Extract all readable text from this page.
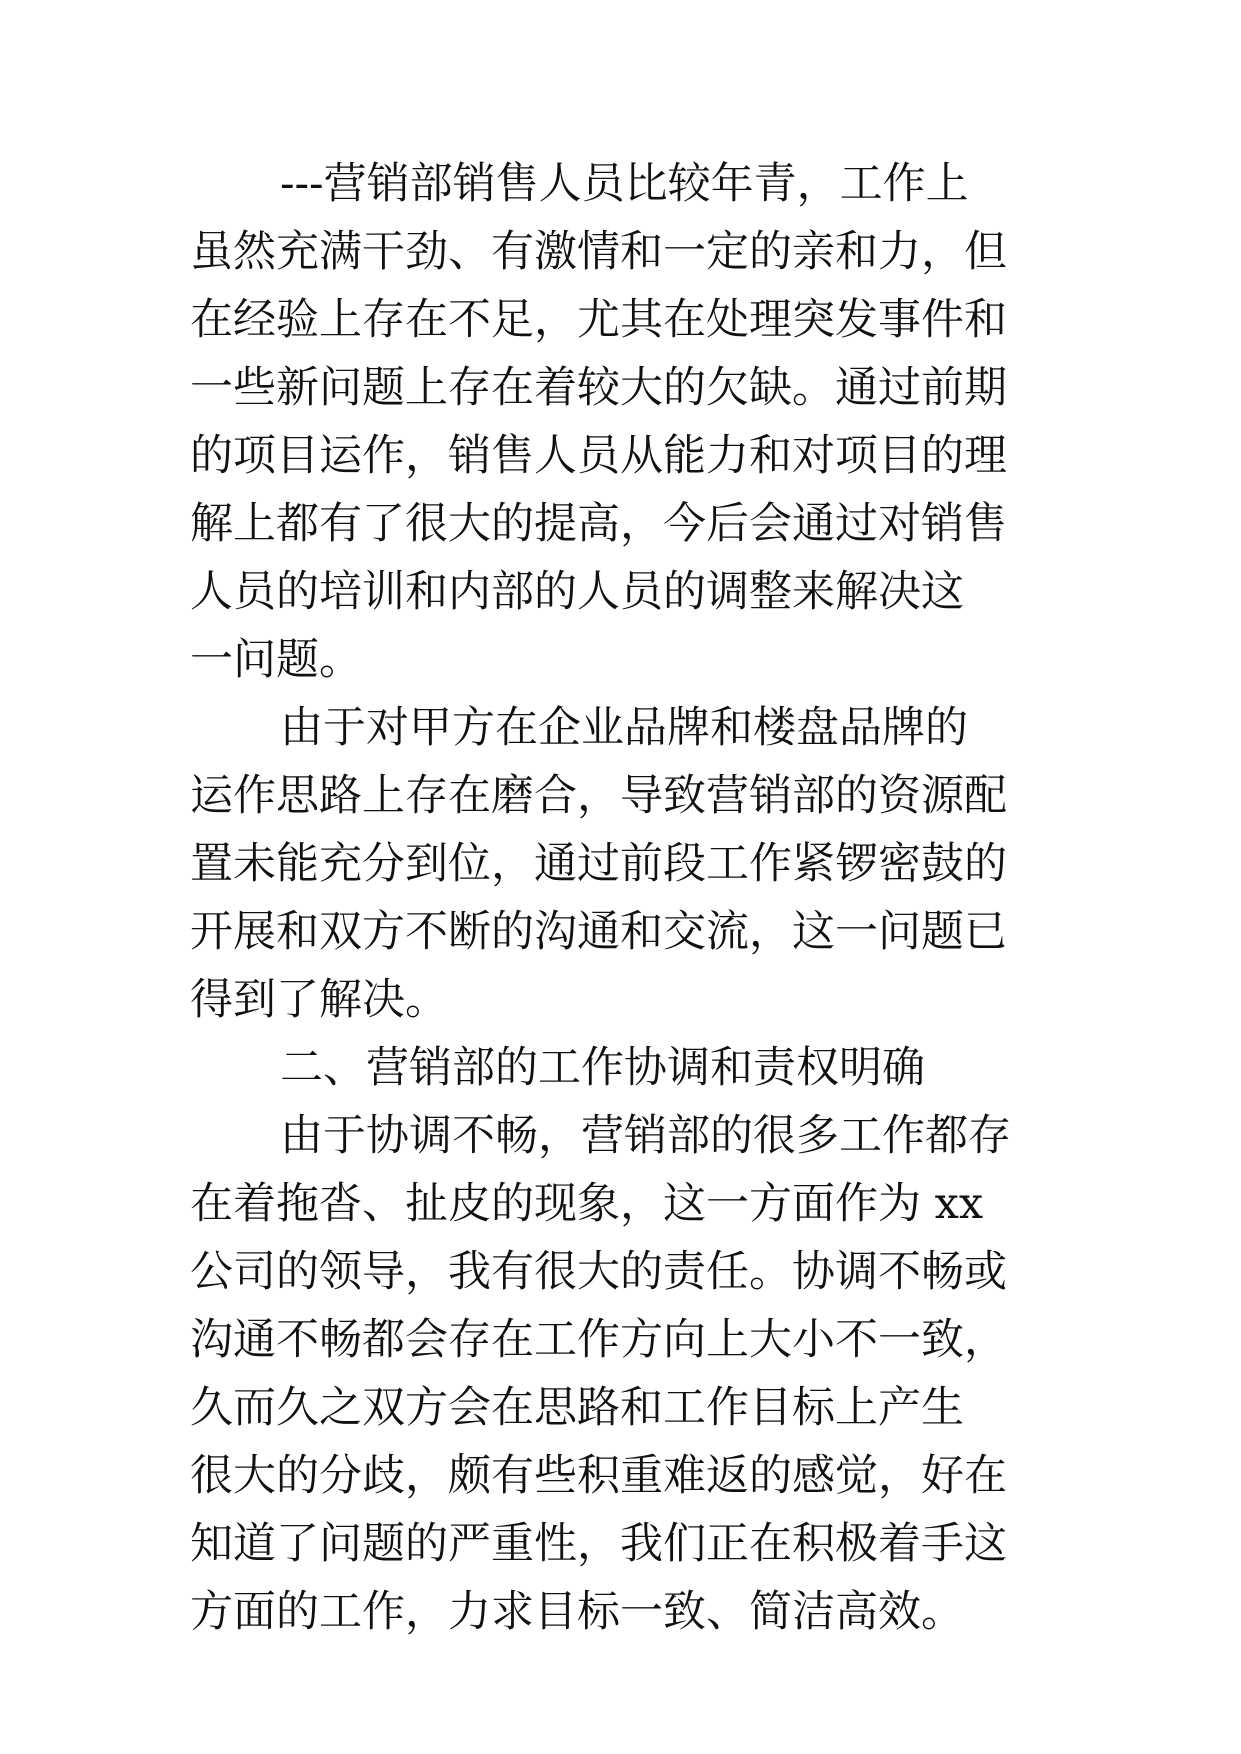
---营销部销售人员比较年青，工作上
虽然充满干劲、有激情和一定的亲和力，但
在经验上存在不足，尤其在处理突发事件和
一些新问题上存在着较大的欠缺。通过前期
的项目运作，销售人员从能力和对项目的理
解上都有了很大的提高，今后会通过对销售
人员的培训和内部的人员的调整来解决这
一问题。
由于对甲方在企业品牌和楼盘品牌的
运作思路上存在磨合，导致营销部的资源配
置未能充分到位，通过前段工作紧锣密鼓的
开展和双方不断的沟通和交流，这一问题已
得到了解决。
二、营销部的工作协调和责权明确
由于协调不畅，营销部的很多工作都存
在着拖沓、扯皮的现象，这一方面作为 xx
公司的领导，我有很大的责任。协调不畅或
沟通不畅都会存在工作方向上大小不一致，
久而久之双方会在思路和工作目标上产生
很大的分歧，颇有些积重难返的感觉，好在
知道了问题的严重性，我们正在积极着手这
方面的工作，力求目标一致、简洁高效。
